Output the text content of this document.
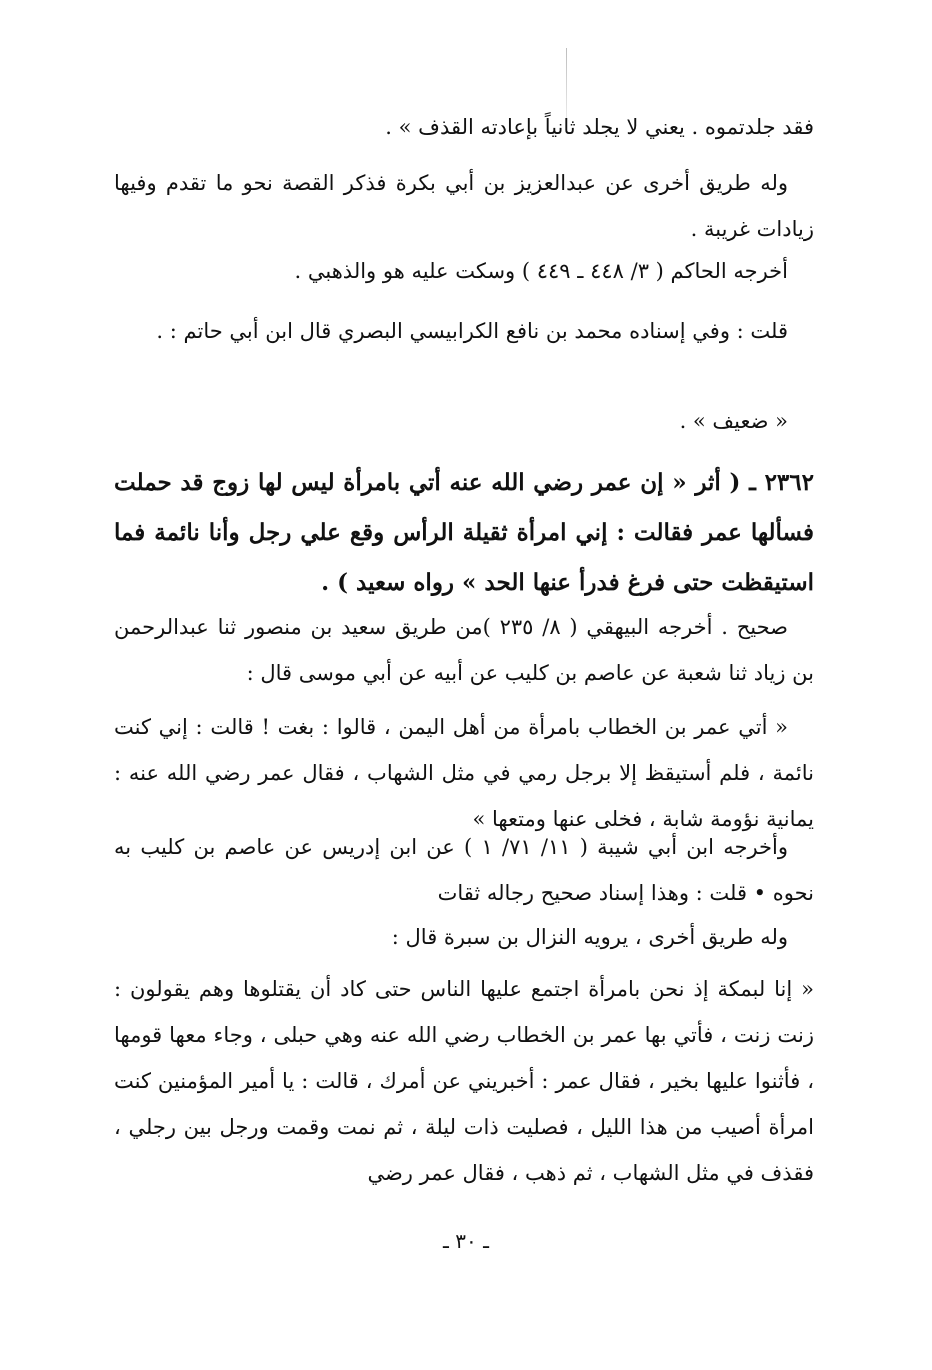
فقد جلدتموه . يعني لا يجلد ثانياً بإعادته القذف » .

وله طريق أخرى عن عبدالعزيز بن أبي بكرة فذكر القصة نحو ما تقدم وفيها زيادات غريبة .

أخرجه الحاكم ( ٣/ ٤٤٨ ـ ٤٤٩ ) وسكت عليه هو والذهبي .

قلت : وفي إسناده محمد بن نافع الكرابيسي البصري قال ابن أبي حاتم : .

« ضعيف » .

٢٣٦٢ ـ ( أثر « إن عمر رضي الله عنه أتي بامرأة ليس لها زوج قد حملت فسألها عمر فقالت : إني امرأة ثقيلة الرأس وقع علي رجل وأنا نائمة فما استيقظت حتى فرغ فدرأ عنها الحد » رواه سعيد ) .

صحيح . أخرجه البيهقي ( ٨/ ٢٣٥ )من طريق سعيد بن منصور ثنا عبدالرحمن بن زياد ثنا شعبة عن عاصم بن كليب عن أبيه عن أبي موسى قال :

« أتي عمر بن الخطاب بامرأة من أهل اليمن ، قالوا : بغت ! قالت : إني كنت نائمة ، فلم أستيقظ إلا برجل رمي في مثل الشهاب ، فقال عمر رضي الله عنه : يمانية نؤومة شابة ، فخلى عنها ومتعها »

وأخرجه ابن أبي شيبة ( ١١/ ٧١/ ١ ) عن ابن إدريس عن عاصم بن كليب به نحوه • قلت : وهذا إسناد صحيح رجاله ثقات

وله طريق أخرى ، يرويه النزال بن سبرة قال :

« إنا لبمكة إذ نحن بامرأة اجتمع عليها الناس حتى كاد أن يقتلوها وهم يقولون : زنت زنت ، فأتي بها عمر بن الخطاب رضي الله عنه وهي حبلى ، وجاء معها قومها ، فأثنوا عليها بخير ، فقال عمر : أخبريني عن أمرك ، قالت : يا أمير المؤمنين كنت امرأة أصيب من هذا الليل ، فصليت ذات ليلة ، ثم نمت وقمت ورجل بين رجلي ، فقذف في مثل الشهاب ، ثم ذهب ، فقال عمر رضي

ـ ٣٠ ـ
